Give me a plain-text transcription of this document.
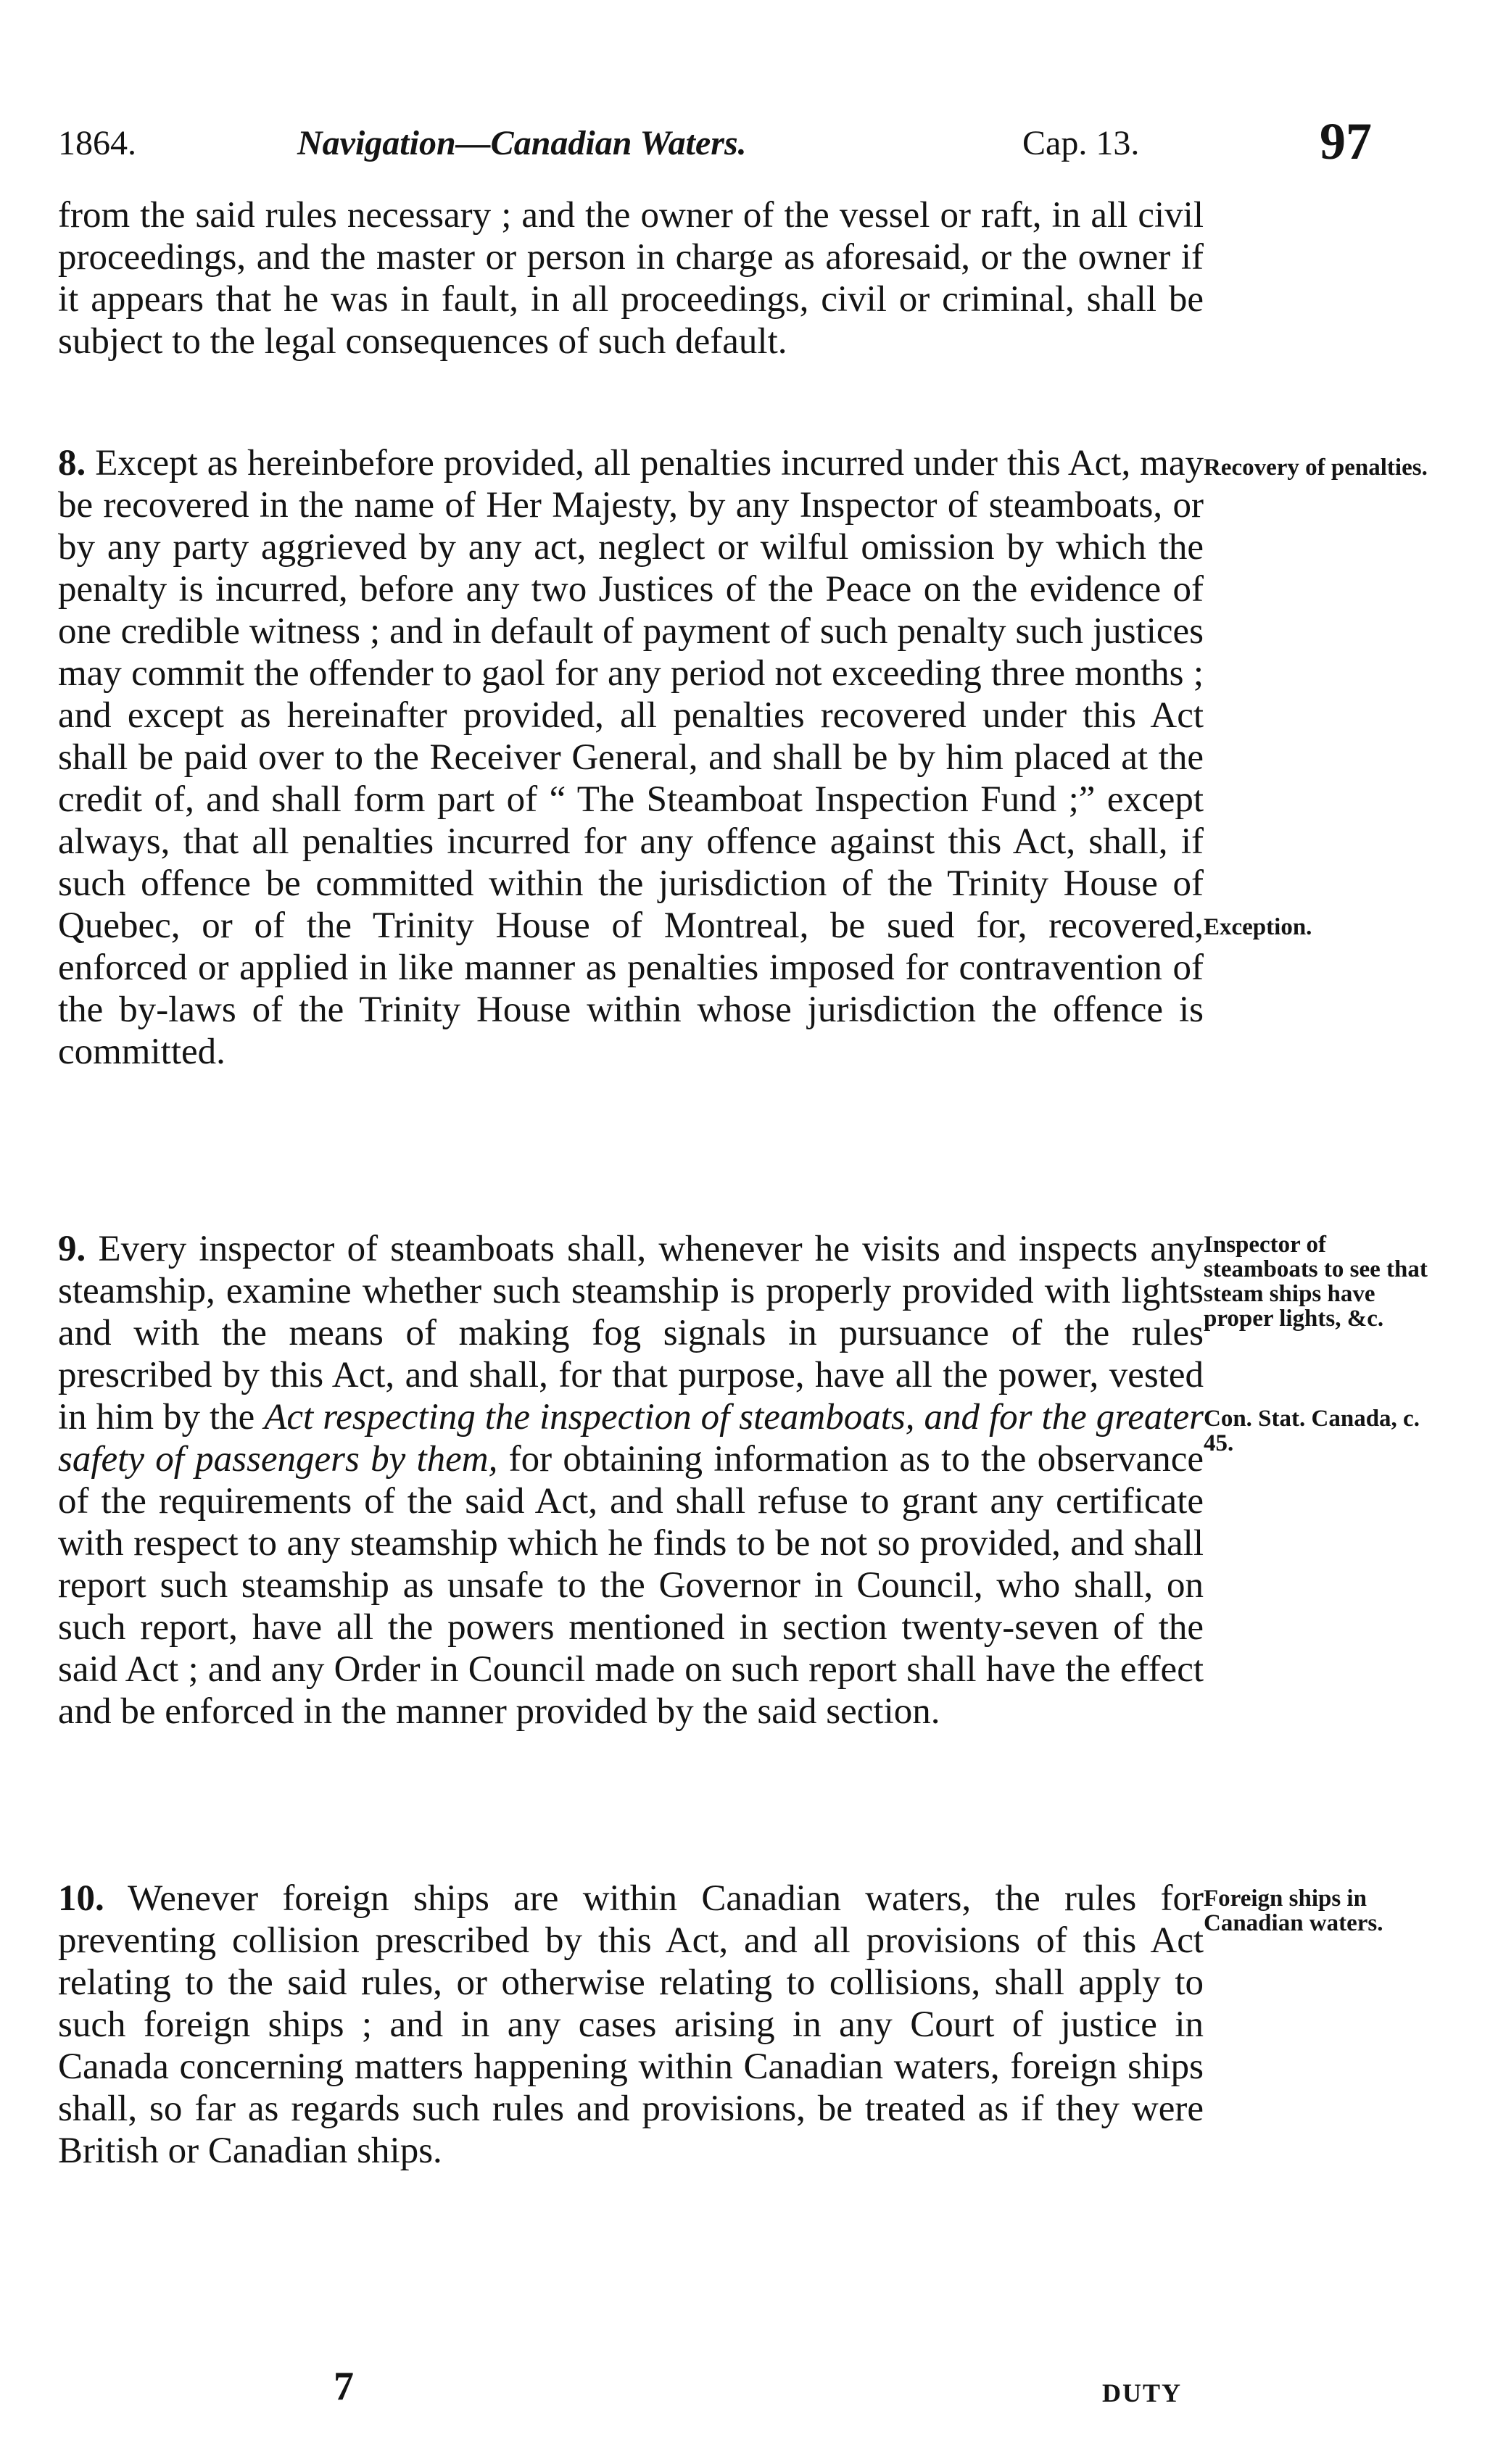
1864.	Navigation—Canadian Waters.	Cap. 13.	97

from the said rules necessary ; and the owner of the vessel or raft, in all civil proceedings, and the master or person in charge as aforesaid, or the owner if it appears that he was in fault, in all proceedings, civil or criminal, shall be subject to the legal consequences of such default.

8. Except as hereinbefore provided, all penalties incurred under this Act, may be recovered in the name of Her Majesty, by any Inspector of steamboats, or by any party aggrieved by any act, neglect or wilful omission by which the penalty is incurred, before any two Justices of the Peace on the evidence of one credible witness ; and in default of payment of such penalty such justices may commit the offender to gaol for any period not exceeding three months ; and except as hereinafter provided, all penalties recovered under this Act shall be paid over to the Receiver General, and shall be by him placed at the credit of, and shall form part of “ The Steamboat Inspection Fund ;” except always, that all penalties incurred for any offence against this Act, shall, if such offence be committed within the jurisdiction of the Trinity House of Quebec, or of the Trinity House of Montreal, be sued for, recovered, enforced or applied in like manner as penalties imposed for contravention of the by-laws of the Trinity House within whose jurisdiction the offence is committed.

9. Every inspector of steamboats shall, whenever he visits and inspects any steamship, examine whether such steamship is properly provided with lights and with the means of making fog signals in pursuance of the rules prescribed by this Act, and shall, for that purpose, have all the power, vested in him by the Act respecting the inspection of steamboats, and for the greater safety of passengers by them, for obtaining information as to the observance of the requirements of the said Act, and shall refuse to grant any certificate with respect to any steamship which he finds to be not so provided, and shall report such steamship as unsafe to the Governor in Council, who shall, on such report, have all the powers mentioned in section twenty-seven of the said Act ; and any Order in Council made on such report shall have the effect and be enforced in the manner provided by the said section.

10. Wenever foreign ships are within Canadian waters, the rules for preventing collision prescribed by this Act, and all provisions of this Act relating to the said rules, or otherwise relating to collisions, shall apply to such foreign ships ; and in any cases arising in any Court of justice in Canada concerning matters happening within Canadian waters, foreign ships shall, so far as regards such rules and provisions, be treated as if they were British or Canadian ships.

Recovery of penalties.
Exception.
Inspector of steamboats to see that steam ships have proper lights, &c.
Con. Stat. Canada, c. 45.
Foreign ships in Canadian waters.
7	DUTY
